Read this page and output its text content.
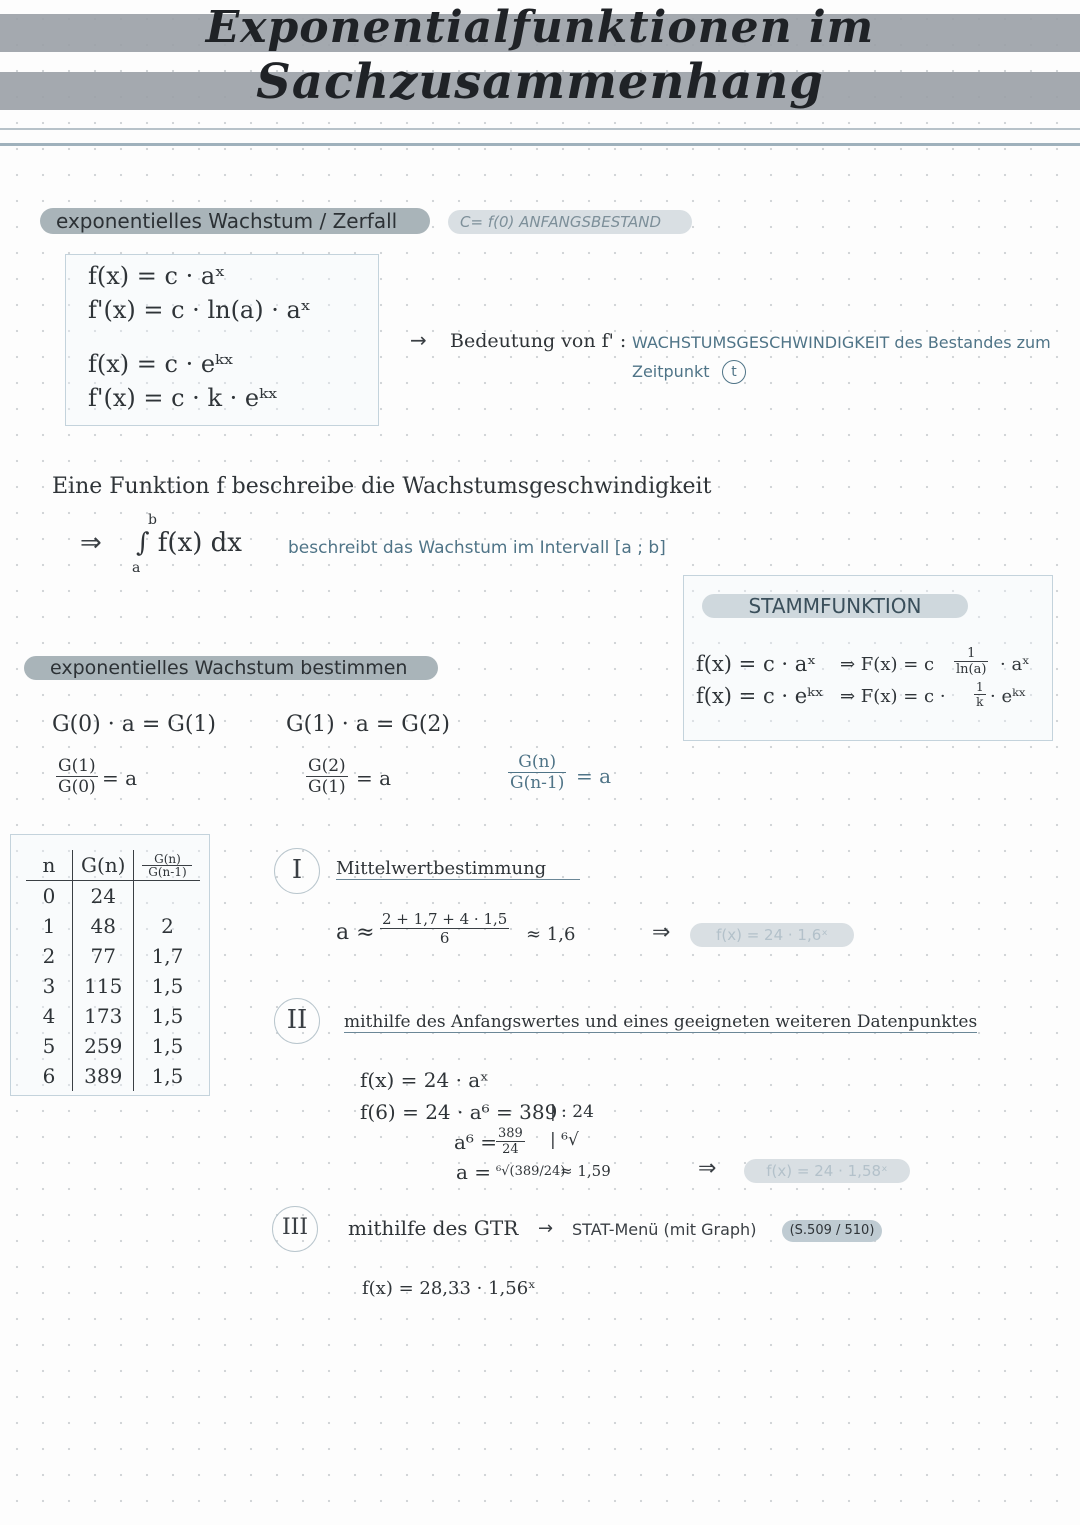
Exponentialfunktionen im
Sachzusammenhang
exponentielles Wachstum / Zerfall	C= f(0) ANFANGSBESTAND
f(x) = c · aˣ
f'(x) = c · ln(a) · aˣ
f(x) = c · eᵏˣ
f'(x) = c · k · eᵏˣ
→ Bedeutung von f' : WACHSTUMSGESCHWINDIGKEIT des Bestandes zum
Zeitpunkt	t
Eine Funktion f beschreibe die Wachstumsgeschwindigkeit
⇒
b
a
∫ f(x) dx	beschreibt das Wachstum im Intervall [a ; b]
STAMMFUNKTION
f(x) = c · aˣ ⇒ F(x) = c $\frac{1}{\ln(a)}$ · aˣ
f(x) = c · eᵏˣ ⇒ $F(x) = c \cdot \frac{1}{k}$ · eᵏˣ
exponentielles Wachstum bestimmen
G(0) · a = G(1)	G(1) · a = G(2)
$\frac{G(1)}{G(0)} = a$	$\frac{G(2)}{G(1)} = a$	$\frac{G(n)}{G(n-1)} = a$
n	G(n)	G(n)
G(n-1)

0	24	
1	48	2
2	77	1,7
3	115	1,5
4	173	1,5
5	259	1,5
6	389	1,5
I	Mittelwertbestimmung
$a \approx \frac{2 + 1,7 + 4 \cdot 1,5}{6} \approx 1,6$	⇒	f(x) = 24 · 1,6ˣ
II	mithilfe des Anfangswertes und eines geeigneten weiteren Datenpunktes
f(x) = 24 · aˣ
f(6) = 24 · a⁶ = 389
| : 24
a⁶ =
$\frac{389}{24}$ | ⁶√
a = ⁶√(389/24)
≈ 1,59	⇒	f(x) = 24 · 1,58ˣ
III	mithilfe des GTR → STAT-Menü (mit Graph)	(S.509 / 510)
f(x) = 28,33 · 1,56ˣ
